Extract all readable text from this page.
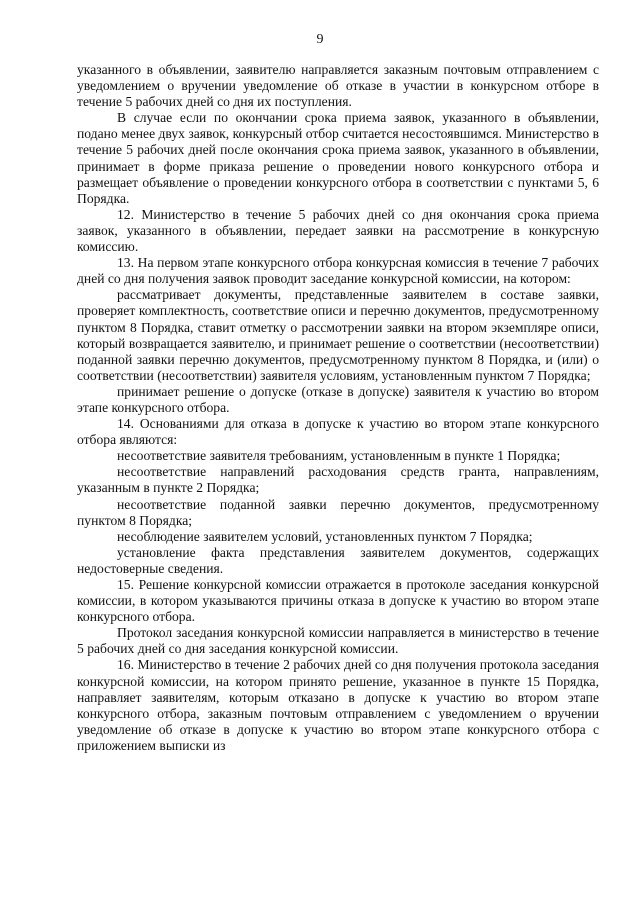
9

указанного в объявлении, заявителю направляется заказным почтовым отправлением с уведомлением о вручении уведомление об отказе в участии в конкурсном отборе в течение 5 рабочих дней со дня их поступления.

В случае если по окончании срока приема заявок, указанного в объявлении, подано менее двух заявок, конкурсный отбор считается несостоявшимся. Министерство в течение 5 рабочих дней после окончания срока приема заявок, указанного в объявлении, принимает в форме приказа решение о проведении нового конкурсного отбора и размещает объявление о проведении конкурсного отбора в соответствии с пунктами 5, 6 Порядка.

12. Министерство в течение 5 рабочих дней со дня окончания срока приема заявок, указанного в объявлении, передает заявки на рассмотрение в конкурсную комиссию.

13. На первом этапе конкурсного отбора конкурсная комиссия в течение 7 рабочих дней со дня получения заявок проводит заседание конкурсной комиссии, на котором:

рассматривает документы, представленные заявителем в составе заявки, проверяет комплектность, соответствие описи и перечню документов, предусмотренному пунктом 8 Порядка, ставит отметку о рассмотрении заявки на втором экземпляре описи, который возвращается заявителю, и принимает решение о соответствии (несоответствии) поданной заявки перечню документов, предусмотренному пунктом 8 Порядка, и (или) о соответствии (несоответствии) заявителя условиям, установленным пунктом 7 Порядка;

принимает решение о допуске (отказе в допуске) заявителя к участию во втором этапе конкурсного отбора.

14. Основаниями для отказа в допуске к участию во втором этапе конкурсного отбора являются:

несоответствие заявителя требованиям, установленным в пункте 1 Порядка;

несоответствие направлений расходования средств гранта, направлениям, указанным в пункте 2 Порядка;

несоответствие поданной заявки перечню документов, предусмотренному пунктом 8 Порядка;

несоблюдение заявителем условий, установленных пунктом 7 Порядка;

установление факта представления заявителем документов, содержащих недостоверные сведения.

15. Решение конкурсной комиссии отражается в протоколе заседания конкурсной комиссии, в котором указываются причины отказа в допуске к участию во втором этапе конкурсного отбора.

Протокол заседания конкурсной комиссии направляется в министерство в течение 5 рабочих дней со дня заседания конкурсной комиссии.

16. Министерство в течение 2 рабочих дней со дня получения протокола заседания конкурсной комиссии, на котором принято решение, указанное в пункте 15 Порядка, направляет заявителям, которым отказано в допуске к участию во втором этапе конкурсного отбора, заказным почтовым отправлением с уведомлением о вручении уведомление об отказе в допуске к участию во втором этапе конкурсного отбора с приложением выписки из
